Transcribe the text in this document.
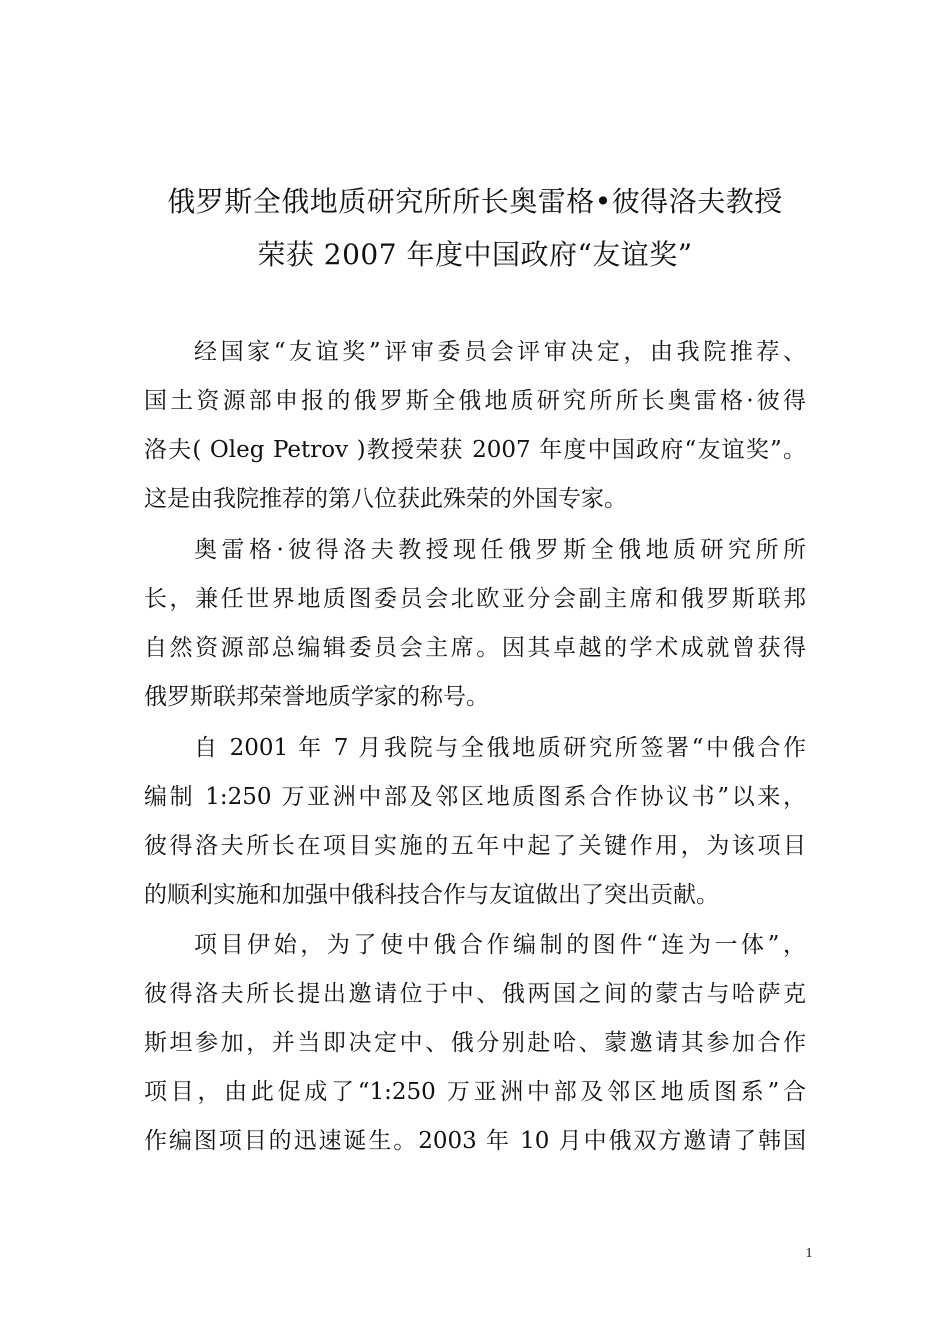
俄罗斯全俄地质研究所所长奥雷格•彼得洛夫教授
荣获 2007 年度中国政府“友谊奖”
经国家“友谊奖”评审委员会评审决定，由我院推荐、
国土资源部申报的俄罗斯全俄地质研究所所长奥雷格·彼得
洛夫( Oleg Petrov )教授荣获 2007 年度中国政府“友谊奖”。
这是由我院推荐的第八位获此殊荣的外国专家。
奥雷格·彼得洛夫教授现任俄罗斯全俄地质研究所所
长，兼任世界地质图委员会北欧亚分会副主席和俄罗斯联邦
自然资源部总编辑委员会主席。因其卓越的学术成就曾获得
俄罗斯联邦荣誉地质学家的称号。
自 2001 年 7 月我院与全俄地质研究所签署“中俄合作
编制 1:250 万亚洲中部及邻区地质图系合作协议书”以来，
彼得洛夫所长在项目实施的五年中起了关键作用，为该项目
的顺利实施和加强中俄科技合作与友谊做出了突出贡献。
项目伊始，为了使中俄合作编制的图件“连为一体”，
彼得洛夫所长提出邀请位于中、俄两国之间的蒙古与哈萨克
斯坦参加，并当即决定中、俄分别赴哈、蒙邀请其参加合作
项目，由此促成了“1:250 万亚洲中部及邻区地质图系”合
作编图项目的迅速诞生。2003 年 10 月中俄双方邀请了韩国
1
